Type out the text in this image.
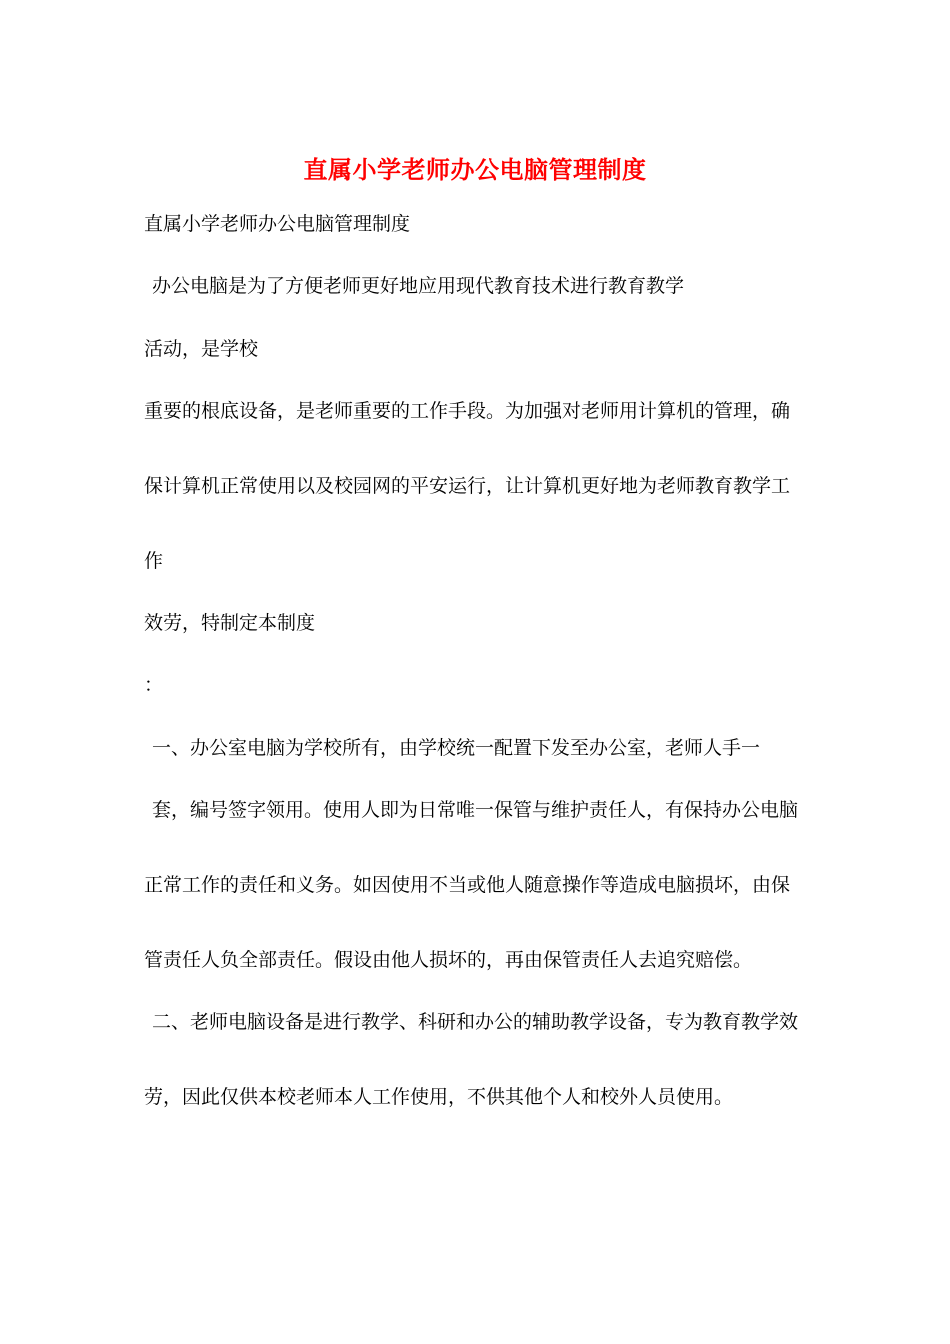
直属小学老师办公电脑管理制度
直属小学老师办公电脑管理制度
办公电脑是为了方便老师更好地应用现代教育技术进行教育教学
活动，是学校
重要的根底设备，是老师重要的工作手段。为加强对老师用计算机的管理，确
保计算机正常使用以及校园网的平安运行，让计算机更好地为老师教育教学工
作
效劳，特制定本制度
：
一、办公室电脑为学校所有，由学校统一配置下发至办公室，老师人手一
套，编号签字领用。使用人即为日常唯一保管与维护责任人，有保持办公电脑
正常工作的责任和义务。如因使用不当或他人随意操作等造成电脑损坏，由保
管责任人负全部责任。假设由他人损坏的，再由保管责任人去追究赔偿。
二、老师电脑设备是进行教学、科研和办公的辅助教学设备，专为教育教学效
劳，因此仅供本校老师本人工作使用，不供其他个人和校外人员使用。
